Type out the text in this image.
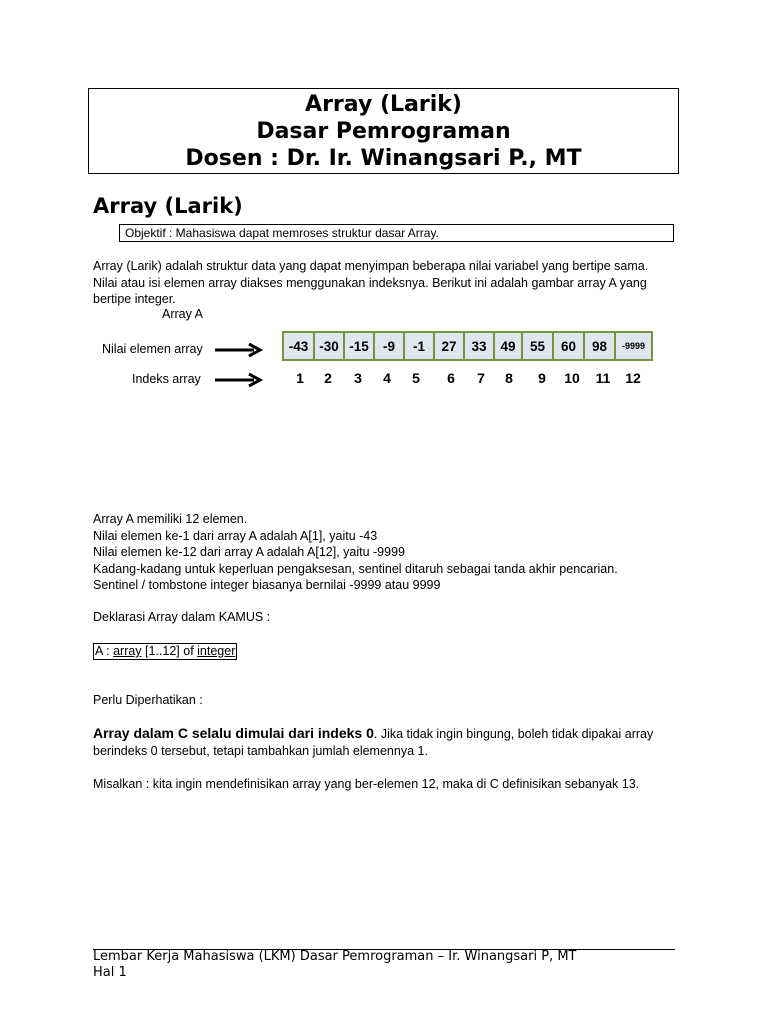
Array (Larik)
Dasar Pemrograman
Dosen : Dr. Ir. Winangsari P., MT
Array (Larik)
Objektif : Mahasiswa dapat memroses struktur dasar Array.
Array (Larik) adalah struktur data yang dapat menyimpan beberapa nilai variabel yang bertipe sama.
Nilai atau isi elemen array diakses menggunakan indeksnya. Berikut ini adalah gambar array A yang
bertipe integer.
Array A
Nilai elemen array
Indeks array
-43 -30 -15	-9	-1	27	33	49	55	60	98	-9999
1 2 3 4 5 6 7 8 9 10 11 12
Array A memiliki 12 elemen.
Nilai elemen ke-1 dari array A adalah A[1], yaitu -43
Nilai elemen ke-12 dari array A adalah A[12], yaitu -9999
Kadang-kadang untuk keperluan pengaksesan, sentinel ditaruh sebagai tanda akhir pencarian.
Sentinel / tombstone integer biasanya bernilai -9999 atau 9999
Deklarasi Array dalam KAMUS :
A : array [1..12] of integer
Perlu Diperhatikan :
Array dalam C selalu dimulai dari indeks 0. Jika tidak ingin bingung, boleh tidak dipakai array
berindeks 0 tersebut, tetapi tambahkan jumlah elemennya 1.
Misalkan : kita ingin mendefinisikan array yang ber-elemen 12, maka di C definisikan sebanyak 13.
Lembar Kerja Mahasiswa (LKM) Dasar Pemrograman – Ir. Winangsari P, MT
Hal 1
